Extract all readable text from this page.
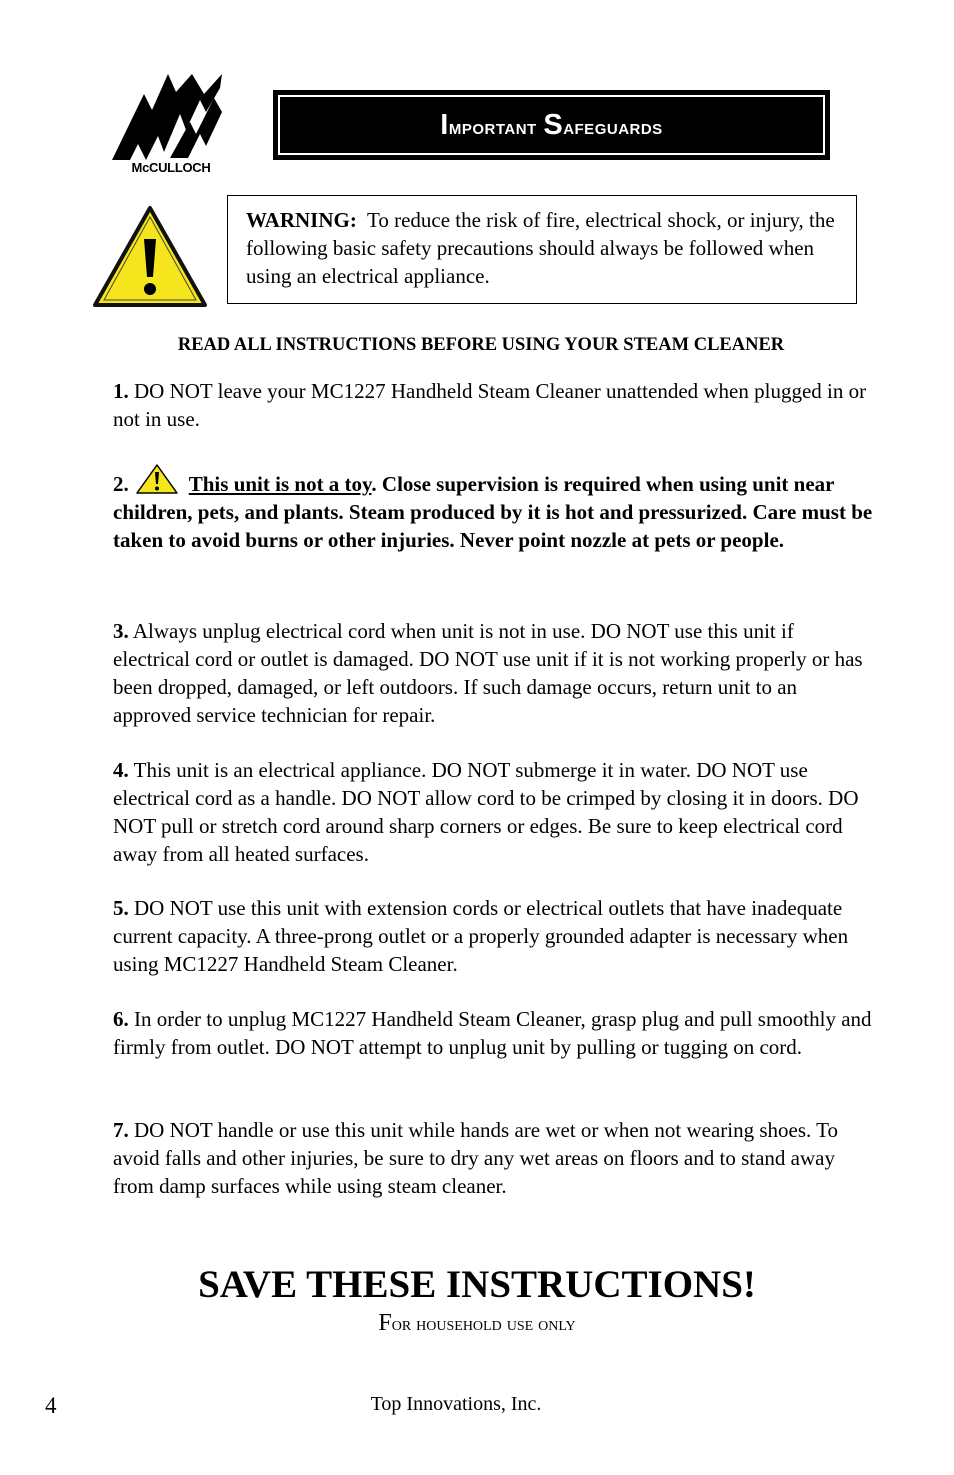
McCULLOCH
Important Safeguards
WARNING:  To reduce the risk of fire, electrical shock, or injury, the following basic safety precautions should always be followed when using an electrical appliance.
READ ALL INSTRUCTIONS BEFORE USING YOUR STEAM CLEANER
1. DO NOT leave your MC1227 Handheld Steam Cleaner unattended when plugged in or not in use.
2.	This unit is not a toy. Close supervision is required when using unit near children, pets, and plants. Steam produced by it is hot and pressurized. Care must be taken to avoid burns or other injuries. Never point nozzle at pets or people.
3. Always unplug electrical cord when unit is not in use. DO NOT use this unit if electrical cord or outlet is damaged. DO NOT use unit if it is not working properly or has been dropped, damaged, or left outdoors. If such damage occurs, return unit to an approved service technician for repair.
4. This unit is an electrical appliance. DO NOT submerge it in water. DO NOT use electrical cord as a handle. DO NOT allow cord to be crimped by closing it in doors. DO NOT pull or stretch cord around sharp corners or edges. Be sure to keep electrical cord away from all heated surfaces.
5. DO NOT use this unit with extension cords or electrical outlets that have inadequate current capacity. A three-prong outlet or a properly grounded adapter is necessary when using MC1227 Handheld Steam Cleaner.
6. In order to unplug MC1227 Handheld Steam Cleaner, grasp plug and pull smoothly and firmly from outlet. DO NOT attempt to unplug unit by pulling or tugging on cord.
7. DO NOT handle or use this unit while hands are wet or when not wearing shoes. To avoid falls and other injuries, be sure to dry any wet areas on floors and to stand away from damp surfaces while using steam cleaner.
SAVE THESE INSTRUCTIONS!
For household use only
4	Top Innovations, Inc.
